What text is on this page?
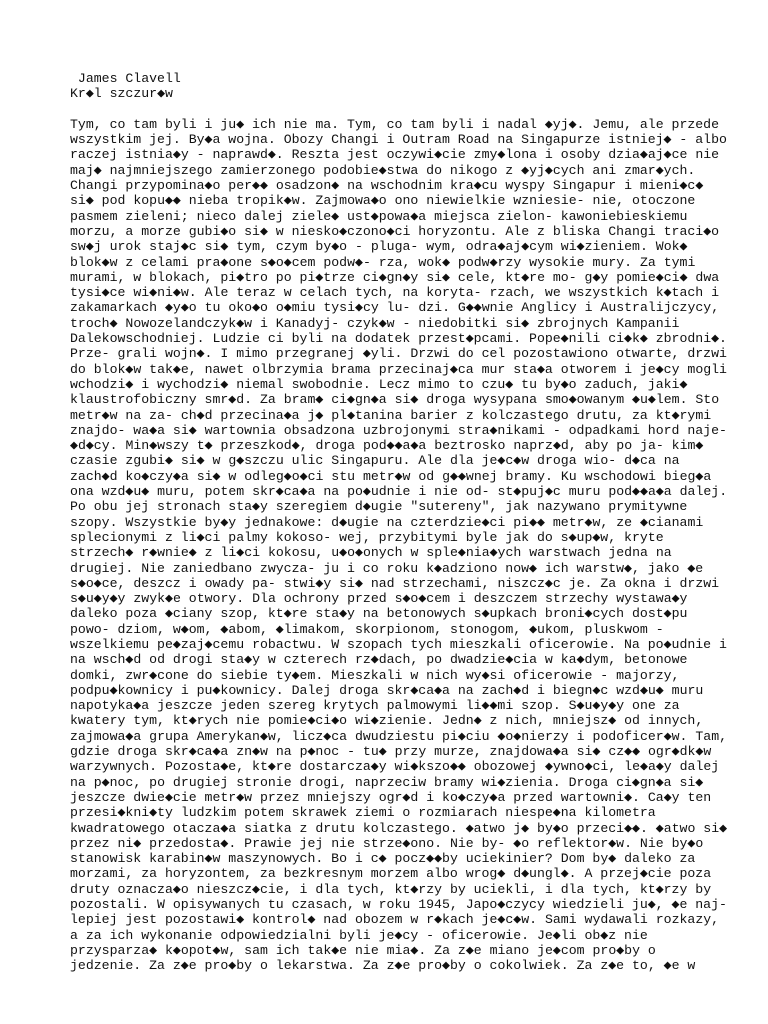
James Clavell
Kr◆l szczur◆w
Tym, co tam byli i ju◆ ich nie ma. Tym, co tam byli i nadal ◆yj◆. Jemu, ale przede
wszystkim jej. By◆a wojna. Obozy Changi i Outram Road na Singapurze istniej◆ - albo
raczej istnia◆y - naprawd◆. Reszta jest oczywi◆cie zmy◆lona i osoby dzia◆aj◆ce nie
maj◆ najmniejszego zamierzonego podobie◆stwa do nikogo z ◆yj◆cych ani zmar◆ych.
Changi przypomina◆o per◆◆ osadzon◆ na wschodnim kra◆cu wyspy Singapur i mieni◆c◆
si◆ pod kopu◆◆ nieba tropik◆w. Zajmowa◆o ono niewielkie wzniesie- nie, otoczone
pasmem zieleni; nieco dalej ziele◆ ust◆powa◆a miejsca zielon- kawoniebieskiemu
morzu, a morze gubi◆o si◆ w niesko◆czono◆ci horyzontu. Ale z bliska Changi traci◆o
sw◆j urok staj◆c si◆ tym, czym by◆o - pluga- wym, odra◆aj◆cym wi◆zieniem. Wok◆
blok◆w z celami pra◆one s◆o◆cem podw◆- rza, wok◆ podw◆rzy wysokie mury. Za tymi
murami, w blokach, pi◆tro po pi◆trze ci◆gn◆y si◆ cele, kt◆re mo- g◆y pomie◆ci◆ dwa
tysi◆ce wi◆ni◆w. Ale teraz w celach tych, na koryta- rzach, we wszystkich k◆tach i
zakamarkach ◆y◆o tu oko◆o o◆miu tysi◆cy lu- dzi. G◆◆wnie Anglicy i Australijczycy,
troch◆ Nowozelandczyk◆w i Kanadyj- czyk◆w - niedobitki si◆ zbrojnych Kampanii
Dalekowschodniej. Ludzie ci byli na dodatek przest◆pcami. Pope◆nili ci◆k◆ zbrodni◆.
Prze- grali wojn◆. I mimo przegranej ◆yli. Drzwi do cel pozostawiono otwarte, drzwi
do blok◆w tak◆e, nawet olbrzymia brama przecinaj◆ca mur sta◆a otworem i je◆cy mogli
wchodzi◆ i wychodzi◆ niemal swobodnie. Lecz mimo to czu◆ tu by◆o zaduch, jaki◆
klaustrofobiczny smr◆d. Za bram◆ ci◆gn◆a si◆ droga wysypana smo◆owanym ◆u◆lem. Sto
metr◆w na za- ch◆d przecina◆a j◆ pl◆tanina barier z kolczastego drutu, za kt◆rymi
znajdo- wa◆a si◆ wartownia obsadzona uzbrojonymi stra◆nikami - odpadkami hord naje-
◆d◆cy. Min◆wszy t◆ przeszkod◆, droga pod◆◆a◆a beztrosko naprz◆d, aby po ja- kim◆
czasie zgubi◆ si◆ w g◆szczu ulic Singapuru. Ale dla je◆c◆w droga wio- d◆ca na
zach◆d ko◆czy◆a si◆ w odleg◆o◆ci stu metr◆w od g◆◆wnej bramy. Ku wschodowi bieg◆a
ona wzd◆u◆ muru, potem skr◆ca◆a na po◆udnie i nie od- st◆puj◆c muru pod◆◆a◆a dalej.
Po obu jej stronach sta◆y szeregiem d◆ugie "sutereny", jak nazywano prymitywne
szopy. Wszystkie by◆y jednakowe: d◆ugie na czterdzie◆ci pi◆◆ metr◆w, ze ◆cianami
splecionymi z li◆ci palmy kokoso- wej, przybitymi byle jak do s◆up◆w, kryte
strzech◆ r◆wnie◆ z li◆ci kokosu, u◆o◆onych w sple◆nia◆ych warstwach jedna na
drugiej. Nie zaniedbano zwycza- ju i co roku k◆adziono now◆ ich warstw◆, jako ◆e
s◆o◆ce, deszcz i owady pa- stwi◆y si◆ nad strzechami, niszcz◆c je. Za okna i drzwi
s◆u◆y◆y zwyk◆e otwory. Dla ochrony przed s◆o◆cem i deszczem strzechy wystawa◆y
daleko poza ◆ciany szop, kt◆re sta◆y na betonowych s◆upkach broni◆cych dost◆pu
powo- dziom, w◆om, ◆abom, ◆limakom, skorpionom, stonogom, ◆ukom, pluskwom -
wszelkiemu pe◆zaj◆cemu robactwu. W szopach tych mieszkali oficerowie. Na po◆udnie i
na wsch◆d od drogi sta◆y w czterech rz◆dach, po dwadzie◆cia w ka◆dym, betonowe
domki, zwr◆cone do siebie ty◆em. Mieszkali w nich wy◆si oficerowie - majorzy,
podpu◆kownicy i pu◆kownicy. Dalej droga skr◆ca◆a na zach◆d i biegn◆c wzd◆u◆ muru
napotyka◆a jeszcze jeden szereg krytych palmowymi li◆◆mi szop. S◆u◆y◆y one za
kwatery tym, kt◆rych nie pomie◆ci◆o wi◆zienie. Jedn◆ z nich, mniejsz◆ od innych,
zajmowa◆a grupa Amerykan◆w, licz◆ca dwudziestu pi◆ciu ◆o◆nierzy i podoficer◆w. Tam,
gdzie droga skr◆ca◆a zn◆w na p◆noc - tu◆ przy murze, znajdowa◆a si◆ cz◆◆ ogr◆dk◆w
warzywnych. Pozosta◆e, kt◆re dostarcza◆y wi◆kszo◆◆ obozowej ◆ywno◆ci, le◆a◆y dalej
na p◆noc, po drugiej stronie drogi, naprzeciw bramy wi◆zienia. Droga ci◆gn◆a si◆
jeszcze dwie◆cie metr◆w przez mniejszy ogr◆d i ko◆czy◆a przed wartowni◆. Ca◆y ten
przesi◆kni◆ty ludzkim potem skrawek ziemi o rozmiarach niespe◆na kilometra
kwadratowego otacza◆a siatka z drutu kolczastego. ◆atwo j◆ by◆o przeci◆◆. ◆atwo si◆
przez ni◆ przedosta◆. Prawie jej nie strze◆ono. Nie by- ◆o reflektor◆w. Nie by◆o
stanowisk karabin◆w maszynowych. Bo i c◆ pocz◆◆by uciekinier? Dom by◆ daleko za
morzami, za horyzontem, za bezkresnym morzem albo wrog◆ d◆ungl◆. A przej◆cie poza
druty oznacza◆o nieszcz◆cie, i dla tych, kt◆rzy by uciekli, i dla tych, kt◆rzy by
pozostali. W opisywanych tu czasach, w roku 1945, Japo◆czycy wiedzieli ju◆, ◆e naj-
lepiej jest pozostawi◆ kontrol◆ nad obozem w r◆kach je◆c◆w. Sami wydawali rozkazy,
a za ich wykonanie odpowiedzialni byli je◆cy - oficerowie. Je◆li ob◆z nie
przysparza◆ k◆opot◆w, sam ich tak◆e nie mia◆. Za z◆e miano je◆com pro◆by o
jedzenie. Za z◆e pro◆by o lekarstwa. Za z◆e pro◆by o cokolwiek. Za z◆e to, ◆e w
